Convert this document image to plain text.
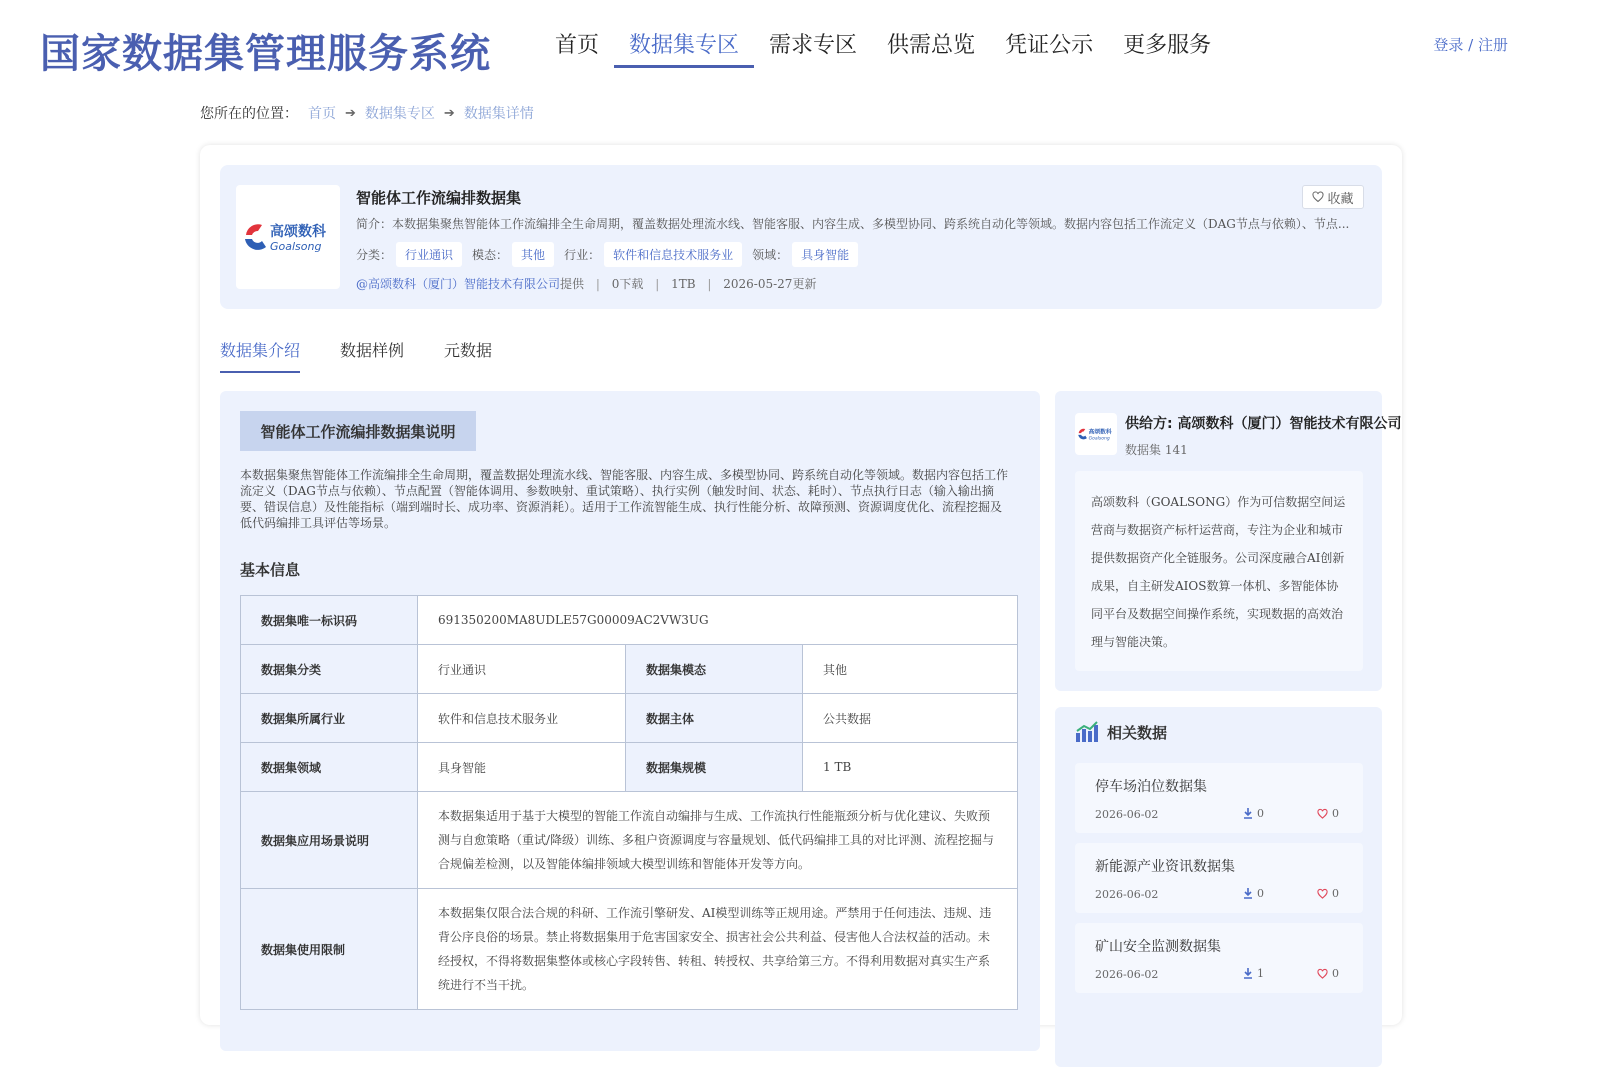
国家数据集管理服务系统	首页	数据集专区	需求专区	供需总览	凭证公示	更多服务	登录 / 注册
您所在的位置： 首页 ➔ 数据集专区 ➔ 数据集详情
高颂数科
Goalsong
智能体工作流编排数据集	收藏
简介：本数据集聚焦智能体工作流编排全生命周期，覆盖数据处理流水线、智能客服、内容生成、多模型协同、跨系统自动化等领域。数据内容包括工作流定义（DAG节点与依赖）、节点...
分类：	行业通识	模态：	其他	行业：	软件和信息技术服务业	领域：	具身智能
@高颂数科（厦门）智能技术有限公司提供 | 0下载 | 1TB | 2026-05-27更新
数据集介绍	数据样例	元数据
智能体工作流编排数据集说明
本数据集聚焦智能体工作流编排全生命周期，覆盖数据处理流水线、智能客服、内容生成、多模型协同、跨系统自动化等领域。数据内容包括工作流定义（DAG节点与依赖）、节点配置（智能体调用、参数映射、重试策略）、执行实例（触发时间、状态、耗时）、节点执行日志（输入输出摘要、错误信息）及性能指标（端到端时长、成功率、资源消耗）。适用于工作流智能生成、执行性能分析、故障预测、资源调度优化、流程挖掘及低代码编排工具评估等场景。
基本信息
数据集唯一标识码	691350200MA8UDLE57G00009AC2VW3UG		
数据集分类	行业通识	数据集模态	其他
数据集所属行业	软件和信息技术服务业	数据主体	公共数据
数据集领域	具身智能	数据集规模	1 TB
数据集应用场景说明	本数据集适用于基于大模型的智能工作流自动编排与生成、工作流执行性能瓶颈分析与优化建议、失败预测与自愈策略（重试/降级）训练、多租户资源调度与容量规划、低代码编排工具的对比评测、流程挖掘与合规偏差检测，以及智能体编排领域大模型训练和智能体开发等方向。		
数据集使用限制	本数据集仅限合法合规的科研、工作流引擎研发、AI模型训练等正规用途。严禁用于任何违法、违规、违背公序良俗的场景。禁止将数据集用于危害国家安全、损害社会公共利益、侵害他人合法权益的活动。未经授权，不得将数据集整体或核心字段转售、转租、转授权、共享给第三方。不得利用数据对真实生产系统进行不当干扰。		
高颂数科
Goalsong
供给方: 高颂数科（厦门）智能技术有限公司
数据集 141
高颂数科（GOALSONG）作为可信数据空间运营商与数据资产标杆运营商，专注为企业和城市提供数据资产化全链服务。公司深度融合AI创新成果，自主研发AIOS数算一体机、多智能体协同平台及数据空间操作系统，实现数据的高效治理与智能决策。
相关数据
停车场泊位数据集
2026-06-02	0	0
新能源产业资讯数据集
2026-06-02	0	0
矿山安全监测数据集
2026-06-02	1	0
